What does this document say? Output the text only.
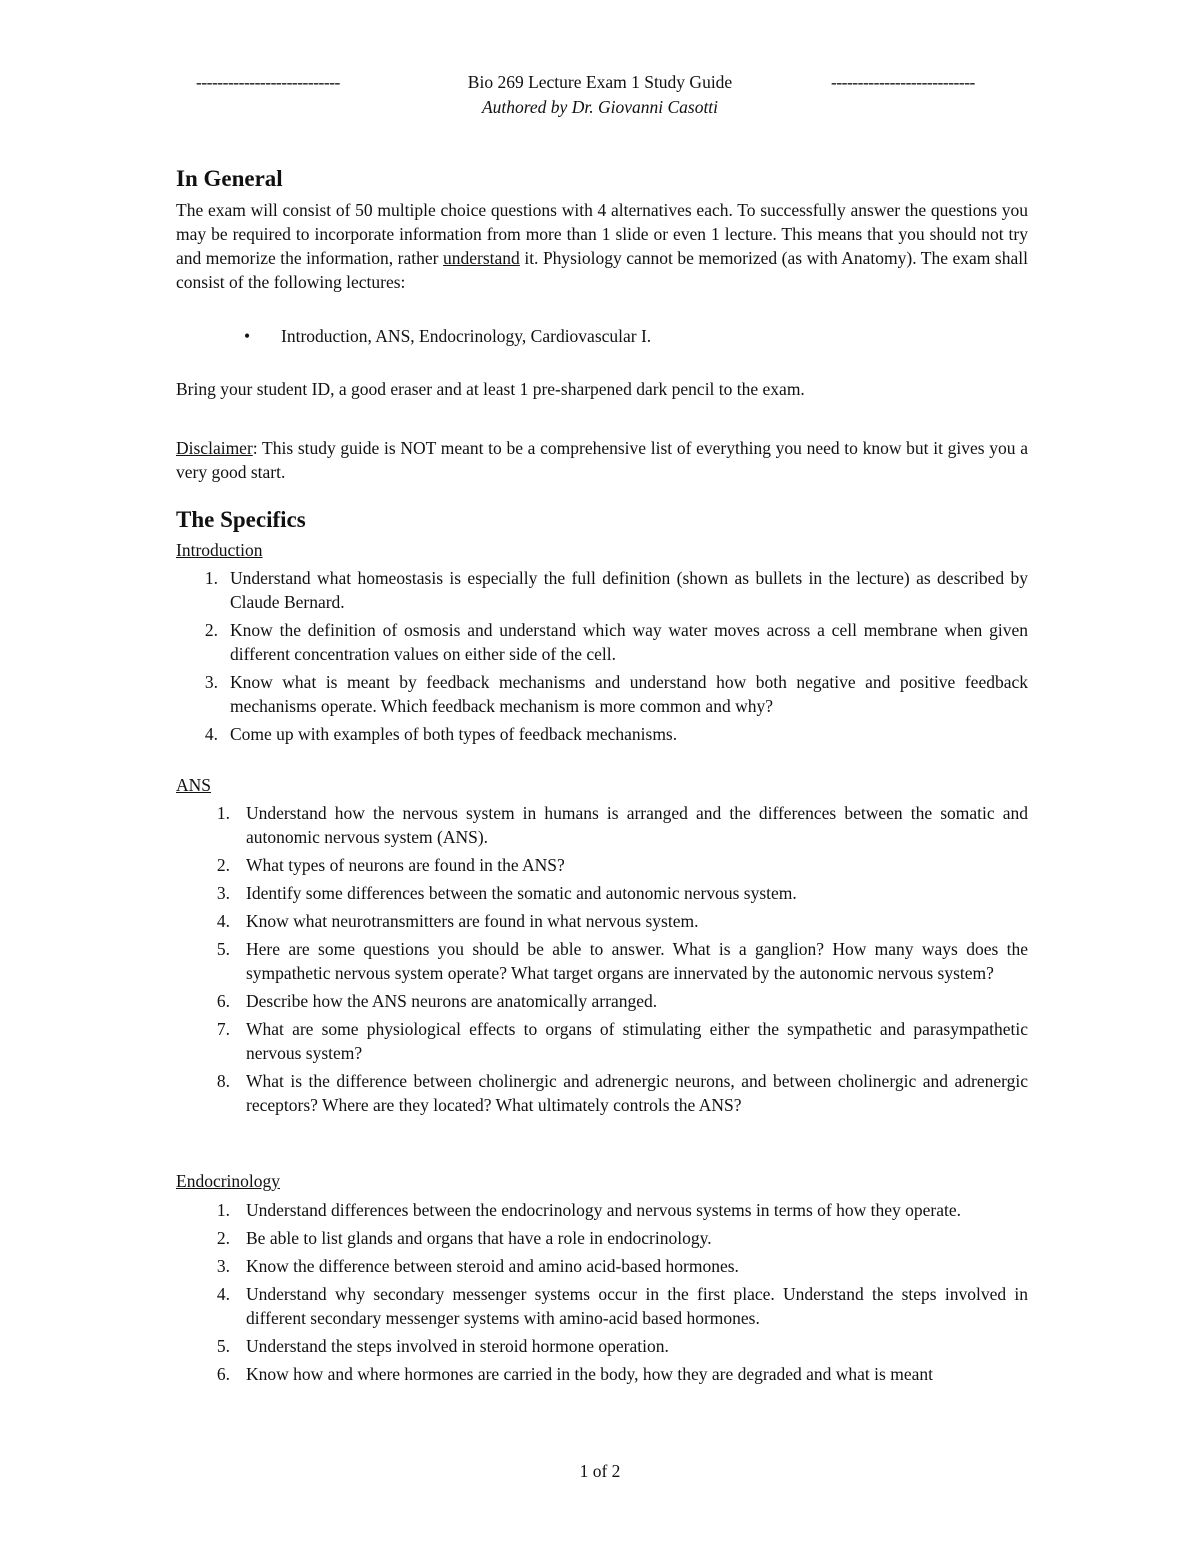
---------------------------	Bio 269 Lecture Exam 1 Study Guide	---------------------------
Authored by Dr. Giovanni Casotti
In General
The exam will consist of 50 multiple choice questions with 4 alternatives each. To successfully answer the questions you may be required to incorporate information from more than 1 slide or even 1 lecture. This means that you should not try and memorize the information, rather understand it. Physiology cannot be memorized (as with Anatomy). The exam shall consist of the following lectures:
• Introduction, ANS, Endocrinology, Cardiovascular I.
Bring your student ID, a good eraser and at least 1 pre-sharpened dark pencil to the exam.
Disclaimer: This study guide is NOT meant to be a comprehensive list of everything you need to know but it gives you a very good start.
The Specifics
Introduction
1. Understand what homeostasis is especially the full definition (shown as bullets in the lecture) as described by Claude Bernard.
2. Know the definition of osmosis and understand which way water moves across a cell membrane when given different concentration values on either side of the cell.
3. Know what is meant by feedback mechanisms and understand how both negative and positive feedback mechanisms operate. Which feedback mechanism is more common and why?
4. Come up with examples of both types of feedback mechanisms.
ANS
1. Understand how the nervous system in humans is arranged and the differences between the somatic and autonomic nervous system (ANS).
2. What types of neurons are found in the ANS?
3. Identify some differences between the somatic and autonomic nervous system.
4. Know what neurotransmitters are found in what nervous system.
5. Here are some questions you should be able to answer. What is a ganglion? How many ways does the sympathetic nervous system operate? What target organs are innervated by the autonomic nervous system?
6. Describe how the ANS neurons are anatomically arranged.
7. What are some physiological effects to organs of stimulating either the sympathetic and parasympathetic nervous system?
8. What is the difference between cholinergic and adrenergic neurons, and between cholinergic and adrenergic receptors? Where are they located? What ultimately controls the ANS?
Endocrinology
1. Understand differences between the endocrinology and nervous systems in terms of how they operate.
2. Be able to list glands and organs that have a role in endocrinology.
3. Know the difference between steroid and amino acid-based hormones.
4. Understand why secondary messenger systems occur in the first place. Understand the steps involved in different secondary messenger systems with amino-acid based hormones.
5. Understand the steps involved in steroid hormone operation.
6. Know how and where hormones are carried in the body, how they are degraded and what is meant
1 of 2
